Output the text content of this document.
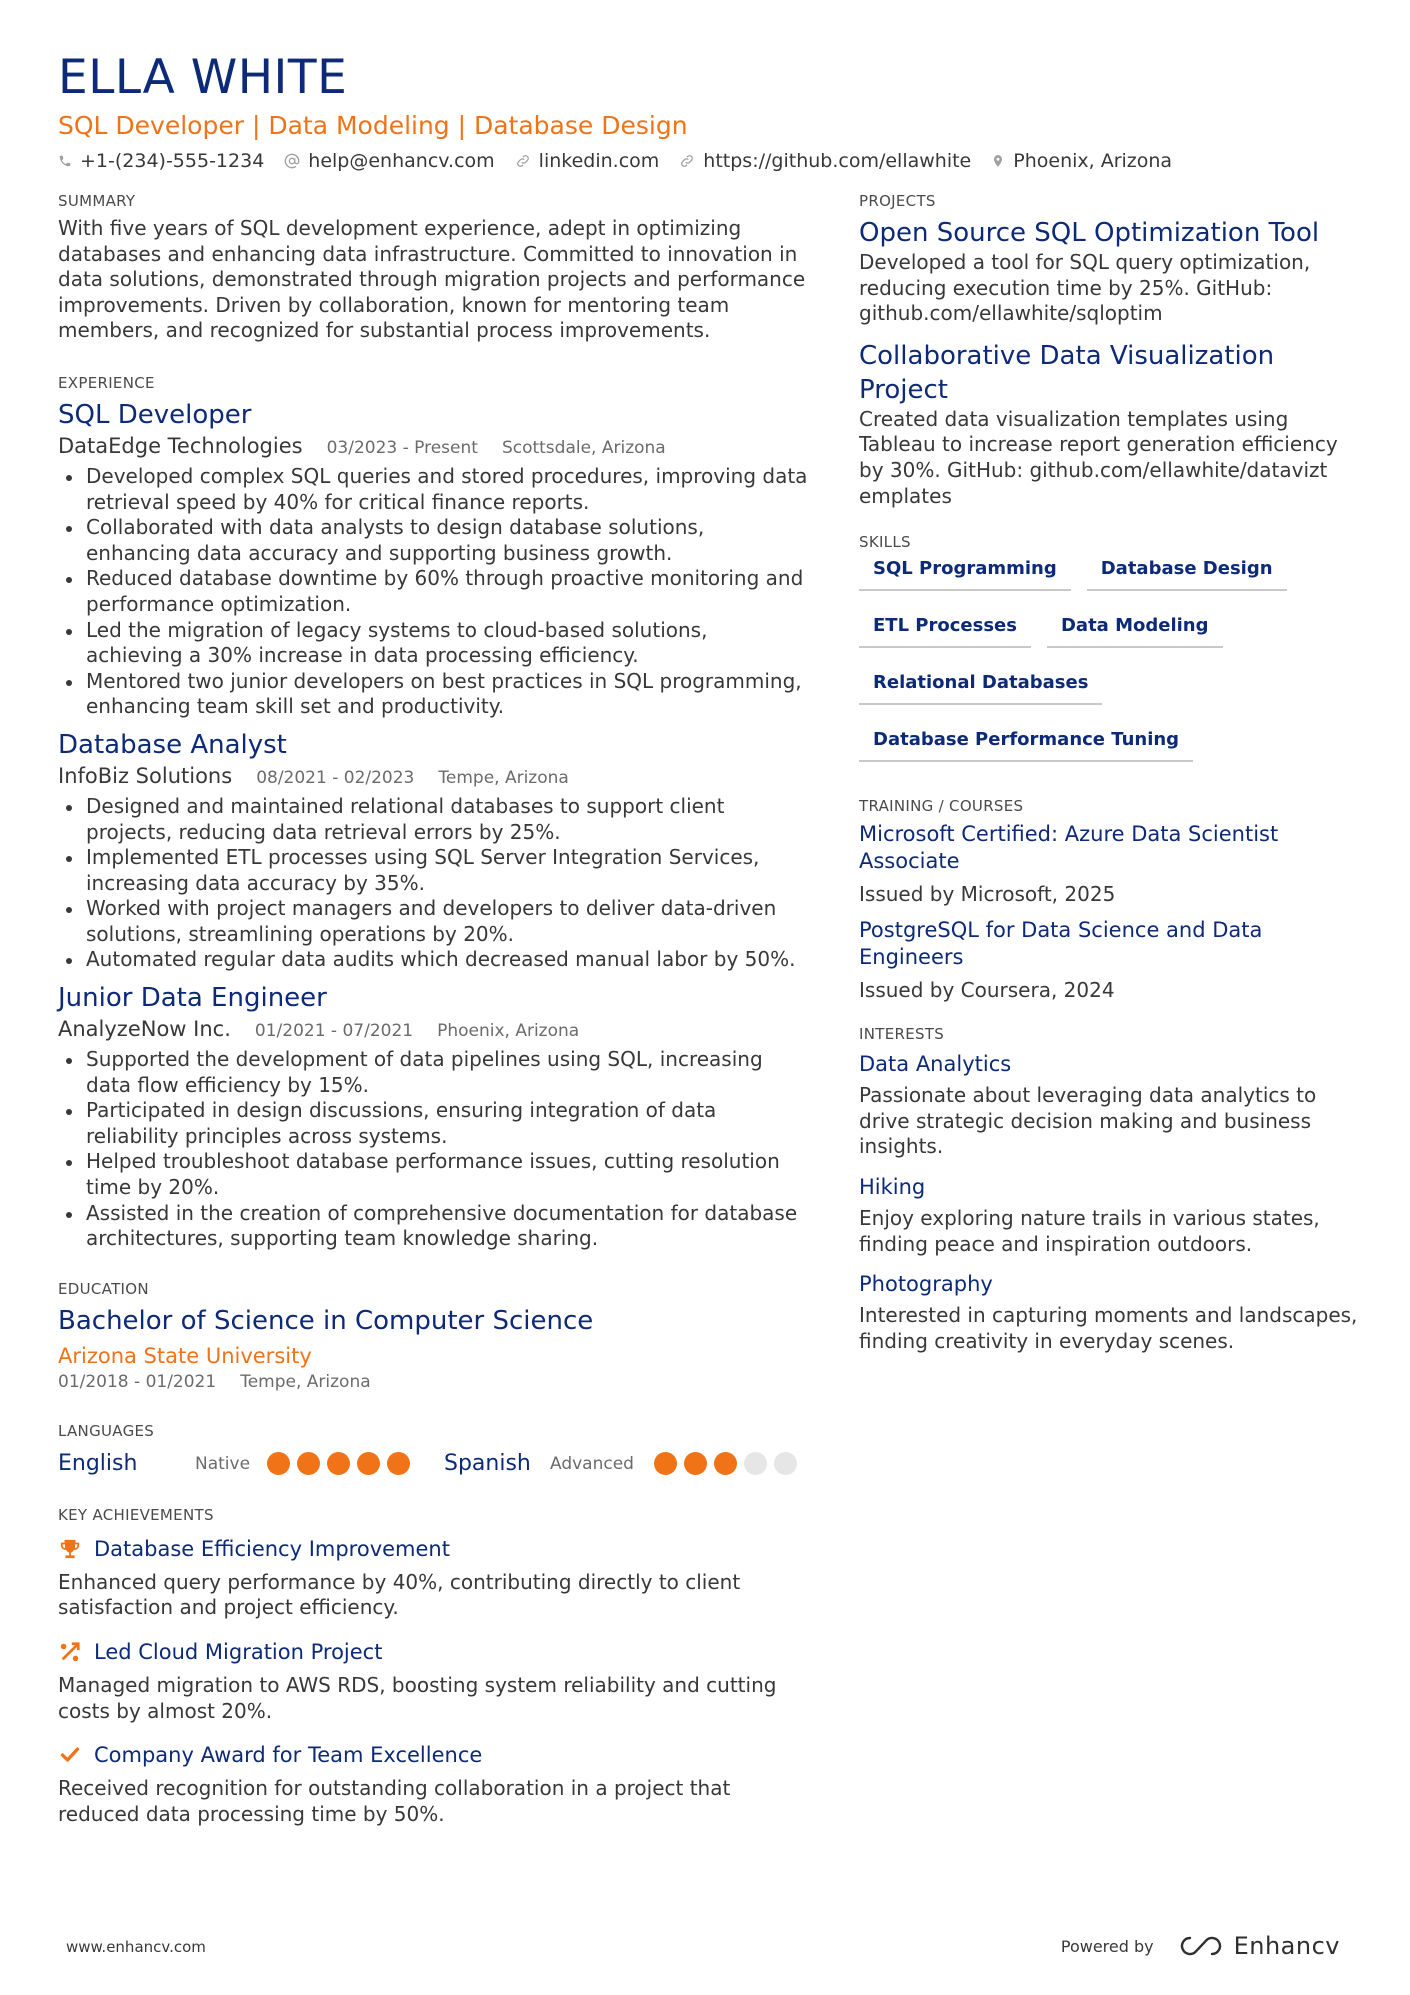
ELLA WHITE
SQL Developer | Data Modeling | Database Design
+1-(234)-555-1234 help@enhancv.com linkedin.com https://github.com/ellawhite Phoenix, Arizona
SUMMARY
With five years of SQL development experience, adept in optimizing databases and enhancing data infrastructure. Committed to innovation in data solutions, demonstrated through migration projects and performance improvements. Driven by collaboration, known for mentoring team members, and recognized for substantial process improvements.
EXPERIENCE
SQL Developer
DataEdge Technologies 03/2023 - Present Scottsdale, Arizona
Developed complex SQL queries and stored procedures, improving data retrieval speed by 40% for critical finance reports.
Collaborated with data analysts to design database solutions, enhancing data accuracy and supporting business growth.
Reduced database downtime by 60% through proactive monitoring and performance optimization.
Led the migration of legacy systems to cloud-based solutions, achieving a 30% increase in data processing efficiency.
Mentored two junior developers on best practices in SQL programming, enhancing team skill set and productivity.
Database Analyst
InfoBiz Solutions 08/2021 - 02/2023 Tempe, Arizona
Designed and maintained relational databases to support client projects, reducing data retrieval errors by 25%.
Implemented ETL processes using SQL Server Integration Services, increasing data accuracy by 35%.
Worked with project managers and developers to deliver data-driven solutions, streamlining operations by 20%.
Automated regular data audits which decreased manual labor by 50%.
Junior Data Engineer
AnalyzeNow Inc. 01/2021 - 07/2021 Phoenix, Arizona
Supported the development of data pipelines using SQL, increasing data flow efficiency by 15%.
Participated in design discussions, ensuring integration of data reliability principles across systems.
Helped troubleshoot database performance issues, cutting resolution time by 20%.
Assisted in the creation of comprehensive documentation for database architectures, supporting team knowledge sharing.
EDUCATION
Bachelor of Science in Computer Science
Arizona State University
01/2018 - 01/2021 Tempe, Arizona
LANGUAGES
English	Native	Spanish	Advanced
KEY ACHIEVEMENTS
Database Efficiency Improvement
Enhanced query performance by 40%, contributing directly to client satisfaction and project efficiency.
Led Cloud Migration Project
Managed migration to AWS RDS, boosting system reliability and cutting costs by almost 20%.
Company Award for Team Excellence
Received recognition for outstanding collaboration in a project that reduced data processing time by 50%.
PROJECTS
Open Source SQL Optimization Tool
Developed a tool for SQL query optimization, reducing execution time by 25%. GitHub: github.com/ellawhite/sqloptim
Collaborative Data Visualization Project
Created data visualization templates using Tableau to increase report generation efficiency by 30%. GitHub: github.com/ellawhite/datavizt​emplates
SKILLS
SQL Programming	Database Design
ETL Processes	Data Modeling
Relational Databases
Database Performance Tuning
TRAINING / COURSES
Microsoft Certified: Azure Data Scientist Associate
Issued by Microsoft, 2025
PostgreSQL for Data Science and Data Engineers
Issued by Coursera, 2024
INTERESTS
Data Analytics
Passionate about leveraging data analytics to drive strategic decision making and business insights.
Hiking
Enjoy exploring nature trails in various states, finding peace and inspiration outdoors.
Photography
Interested in capturing moments and landscapes, finding creativity in everyday scenes.
www.enhancv.com	Powered by	Enhancv
